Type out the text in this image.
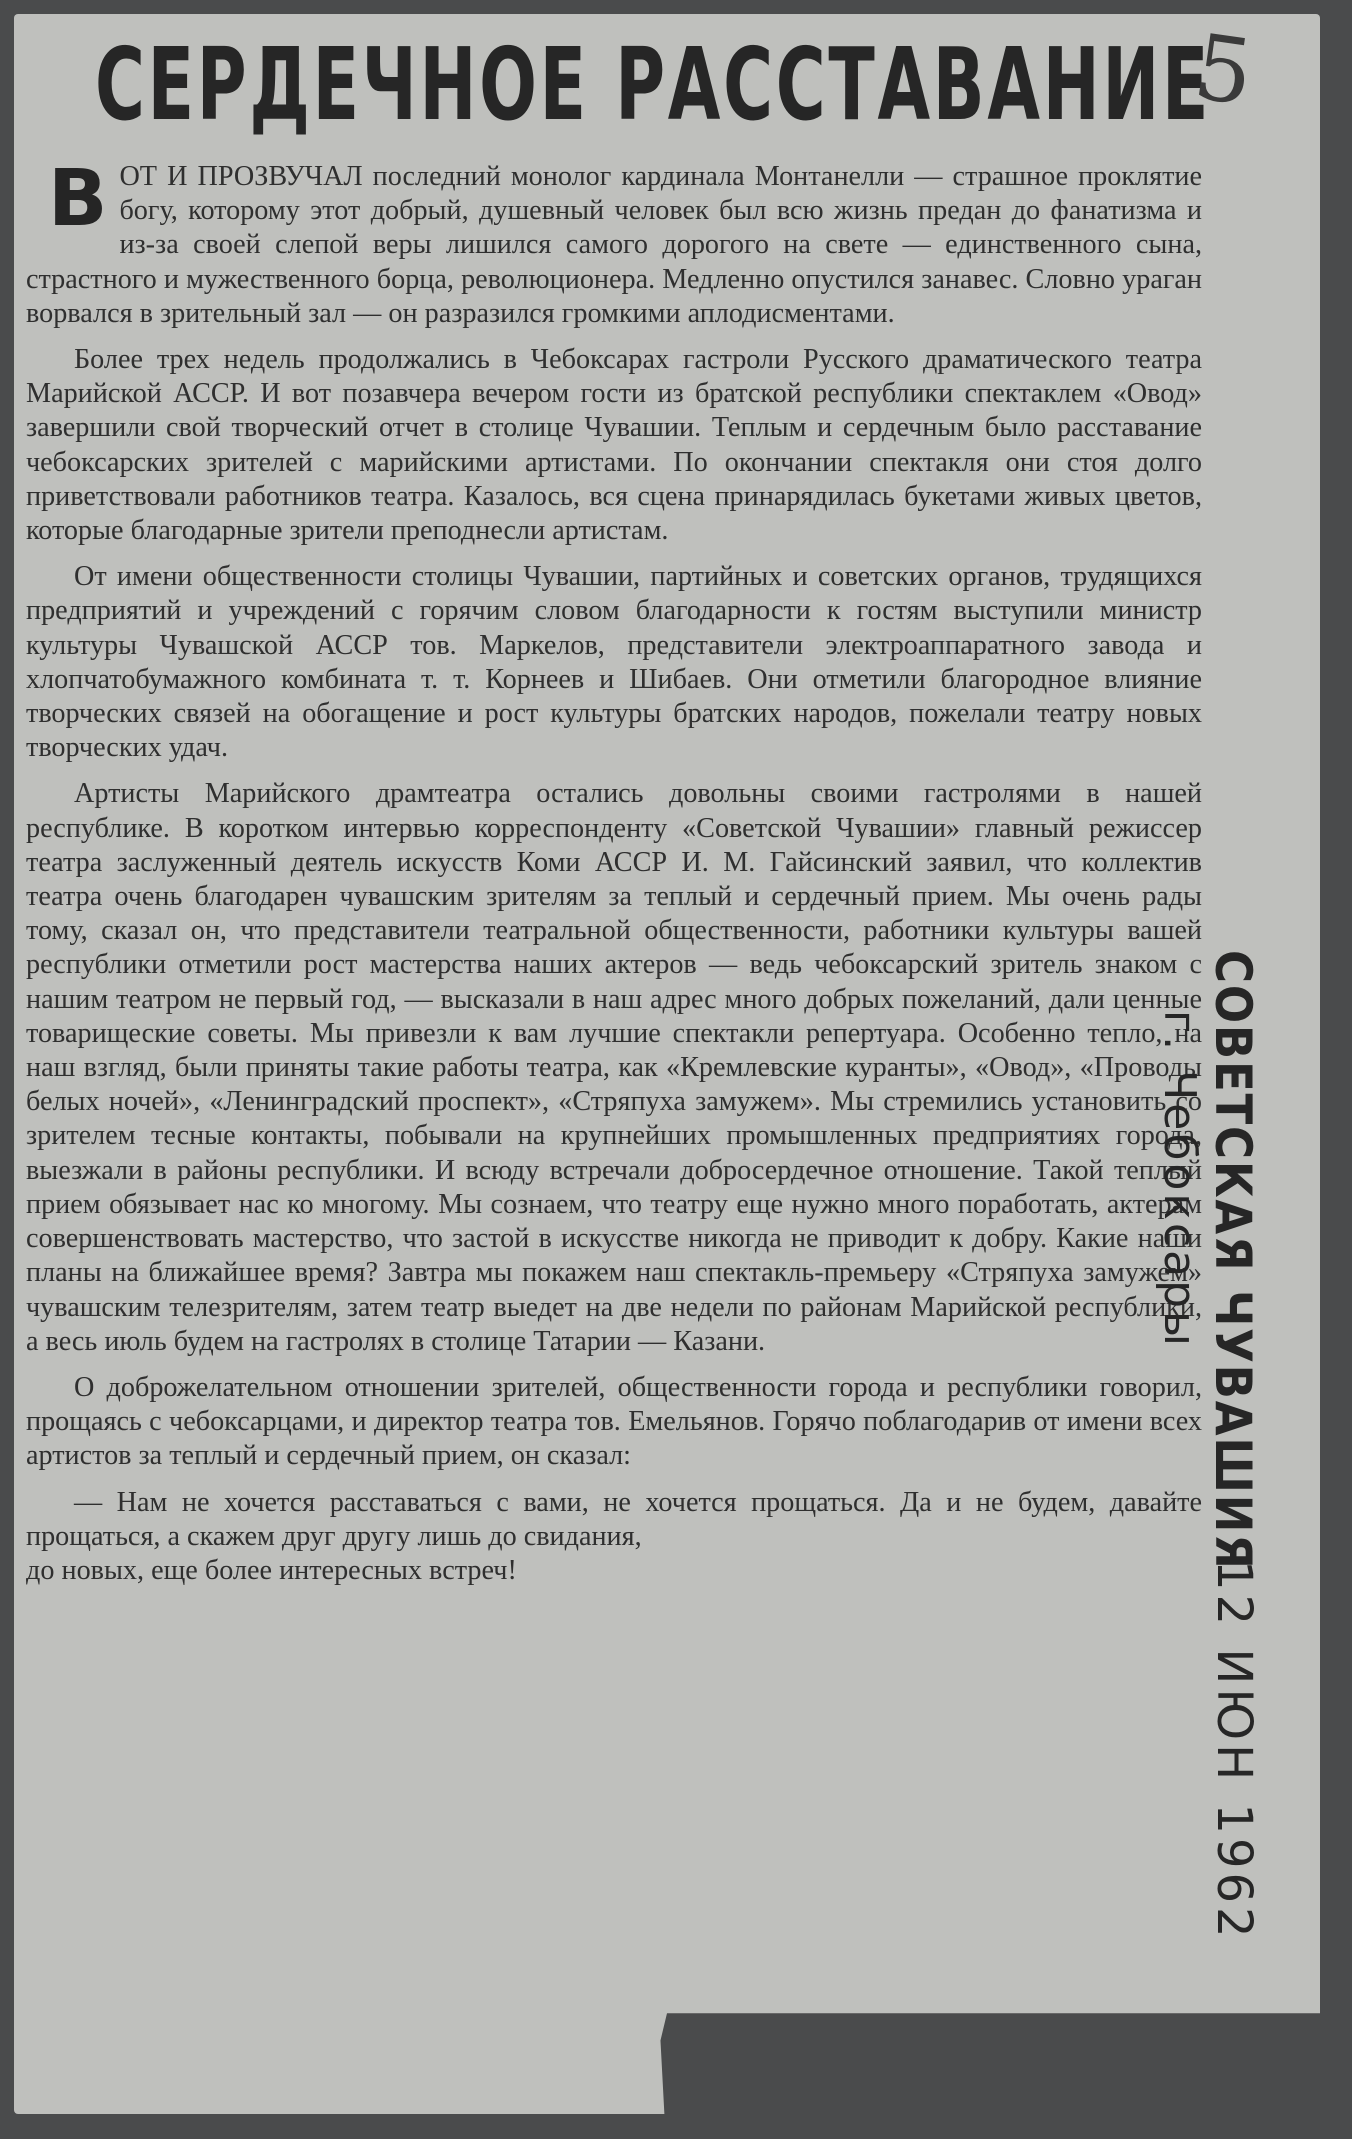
СЕРДЕЧНОЕ РАССТАВАНИЕ
5

В ОТ И ПРОЗВУЧАЛ последний монолог кардинала Монтанелли — страшное проклятие богу, которому этот добрый, душевный человек был всю жизнь предан до фанатизма и из-за своей слепой веры лишился самого дорогого на свете — единственного сына, страстного и мужественного борца, революционера. Медленно опустился занавес. Словно ураган ворвался в зрительный зал — он разразился громкими аплодисментами.

Более трех недель продолжались в Чебоксарах гастроли Русского драматического театра Марийской АССР. И вот позавчера вечером гости из братской республики спектаклем «Овод» завершили свой творческий отчет в столице Чувашии. Теплым и сердечным было расставание чебоксарских зрителей с марийскими артистами. По окончании спектакля они стоя долго приветствовали работников театра. Казалось, вся сцена принарядилась букетами живых цветов, которые благодарные зрители преподнесли артистам.

От имени общественности столицы Чувашии, партийных и советских органов, трудящихся предприятий и учреждений с горячим словом благодарности к гостям выступили министр культуры Чувашской АССР тов. Маркелов, представители электроаппаратного завода и хлопчатобумажного комбината т. т. Корнеев и Шибаев. Они отметили благородное влияние творческих связей на обогащение и рост культуры братских народов, пожелали театру новых творческих удач.

Артисты Марийского драмтеатра остались довольны своими гастролями в нашей республике. В коротком интервью корреспонденту «Советской Чувашии» главный режиссер театра заслуженный деятель искусств Коми АССР И. М. Гайсинский заявил, что коллектив театра очень благодарен чувашским зрителям за теплый и сердечный прием. Мы очень рады тому, сказал он, что представители театральной общественности, работники культуры вашей республики отметили рост мастерства наших актеров — ведь чебоксарский зритель знаком с нашим театром не первый год, — высказали в наш адрес много добрых пожеланий, дали ценные товарищеские советы. Мы привезли к вам лучшие спектакли репертуара. Особенно тепло, на наш взгляд, были приняты такие работы театра, как «Кремлевские куранты», «Овод», «Проводы белых ночей», «Ленинградский проспект», «Стряпуха замужем». Мы стремились установить со зрителем тесные контакты, побывали на крупнейших промышленных предприятиях города, выезжали в районы республики. И всюду встречали добросердечное отношение. Такой теплый прием обязывает нас ко многому. Мы сознаем, что театру еще нужно много поработать, актерам совершенствовать мастерство, что застой в искусстве никогда не приводит к добру. Какие наши планы на ближайшее время? Завтра мы покажем наш спектакль-премьеру «Стряпуха замужем» чувашским телезрителям, затем театр выедет на две недели по районам Марийской республики, а весь июль будем на гастролях в столице Татарии — Казани.

О доброжелательном отношении зрителей, общественности города и республики говорил, прощаясь с чебоксарцами, и директор театра тов. Емельянов. Горячо поблагодарив от имени всех артистов за теплый и сердечный прием, он сказал:

— Нам не хочется расставаться с вами, не хочется прощаться. Да и не будем, давайте прощаться, а скажем друг другу лишь до свидания,

до новых, еще более интересных встреч!	СОВЕТСКАЯ ЧУВАШИЯ
г. Чебоксары
12 ИЮН 1962
